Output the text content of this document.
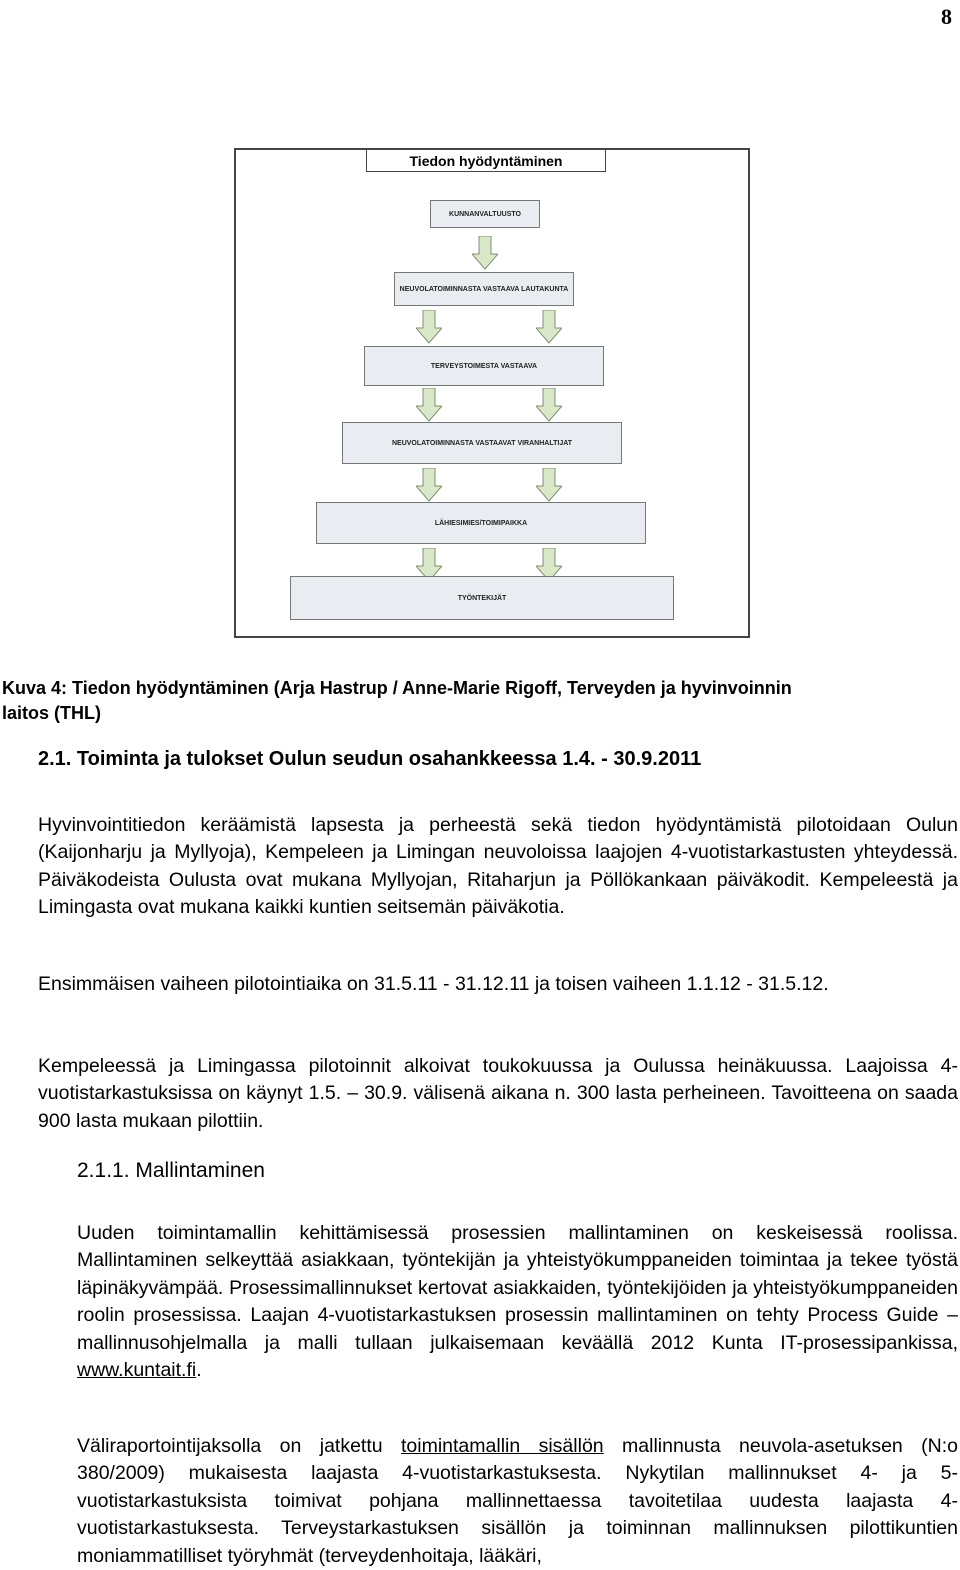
8
Tiedon hyödyntäminen
KUNNANVALTUUSTO
NEUVOLATOIMINNASTA VASTAAVA LAUTAKUNTA
TERVEYSTOIMESTA VASTAAVA
NEUVOLATOIMINNASTA VASTAAVAT VIRANHALTIJAT
LÄHIESIMIES/TOIMIPAIKKA
TYÖNTEKIJÄT
Kuva 4: Tiedon hyödyntäminen (Arja Hastrup / Anne-Marie Rigoff, Terveyden ja hyvinvoinnin
laitos (THL)
2.1. Toiminta ja tulokset Oulun seudun osahankkeessa 1.4. - 30.9.2011
Hyvinvointitiedon keräämistä lapsesta ja perheestä sekä tiedon hyödyntämistä pilotoidaan Oulun (Kaijonharju ja Myllyoja), Kempeleen ja Limingan neuvoloissa laajojen 4-vuotistarkastusten yhteydessä. Päiväkodeista Oulusta ovat mukana Myllyojan, Ritaharjun ja Pöllökankaan päiväkodit. Kempeleestä ja Limingasta ovat mukana kaikki kuntien seitsemän päiväkotia.
Ensimmäisen vaiheen pilotointiaika on 31.5.11 - 31.12.11 ja toisen vaiheen 1.1.12 - 31.5.12.
Kempeleessä ja Limingassa pilotoinnit alkoivat toukokuussa ja Oulussa heinäkuussa. Laajoissa 4-vuotistarkastuksissa on käynyt 1.5. – 30.9. välisenä aikana n. 300 lasta perheineen. Tavoitteena on saada 900 lasta mukaan pilottiin.
2.1.1. Mallintaminen
Uuden toimintamallin kehittämisessä prosessien mallintaminen on keskeisessä roolissa. Mallintaminen selkeyttää asiakkaan, työntekijän ja yhteistyökumppaneiden toimintaa ja tekee työstä läpinäkyvämpää. Prosessimallinnukset kertovat asiakkaiden, työntekijöiden ja yhteistyökumppaneiden roolin prosessissa. Laajan 4-vuotistarkastuksen prosessin mallintaminen on tehty Process Guide – mallinnusohjelmalla ja malli tullaan julkaisemaan keväällä 2012 Kunta IT-prosessipankissa, www.kuntait.fi.
Väliraportointijaksolla on jatkettu toimintamallin sisällön mallinnusta neuvola-asetuksen (N:o 380/2009) mukaisesta laajasta 4-vuotistarkastuksesta. Nykytilan mallinnukset 4- ja 5- vuotistarkastuksista toimivat pohjana mallinnettaessa tavoitetilaa uudesta laajasta 4- vuotistarkastuksesta. Terveystarkastuksen sisällön ja toiminnan mallinnuksen pilottikuntien moniammatilliset työryhmät (terveydenhoitaja, lääkäri,
